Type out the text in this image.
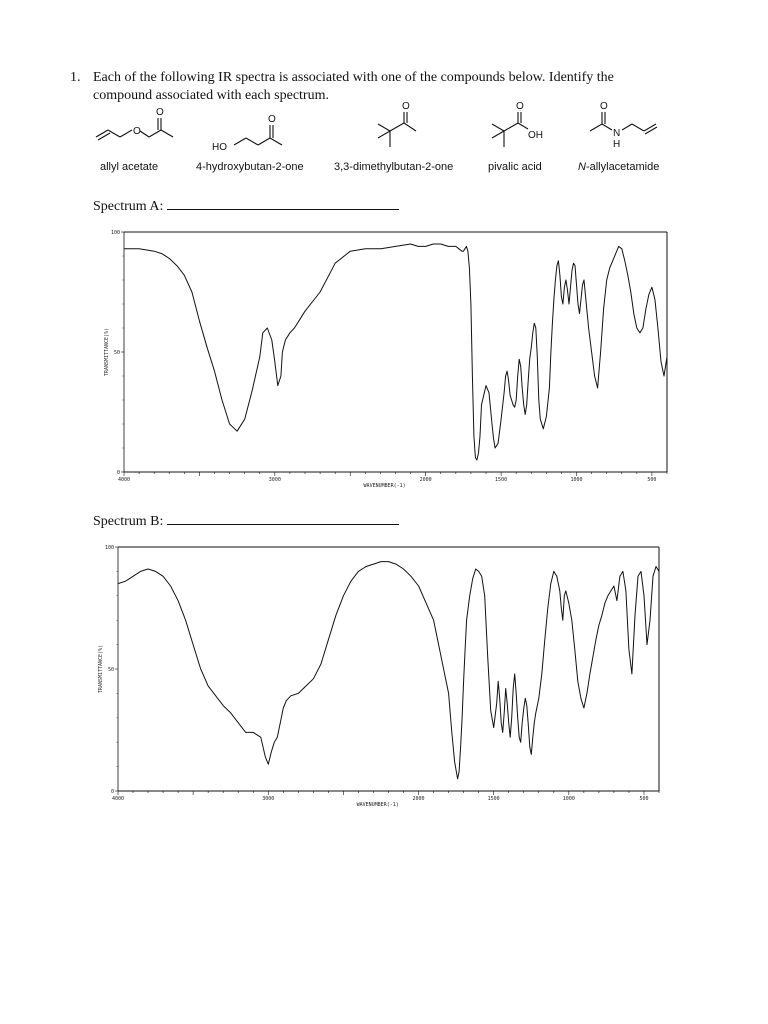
1. Each of the following IR spectra is associated with one of the compounds below. Identify the
compound associated with each spectrum.
O
O
allyl acetate
HO
O
4-hydroxybutan-2-one
O
3,3-dimethylbutan-2-one
O
OH
pivalic acid
O
N
H
N-allylacetamide
Spectrum A:
4000	3000	2000	1500	1000	500
100
50
0
WAVENUMBER(-1)
TRANSMITTANCE(%)
Spectrum B:
4000	3000	2000	1500	1000	500
100
50
0
WAVENUMBER(-1)
TRANSMITTANCE(%)
